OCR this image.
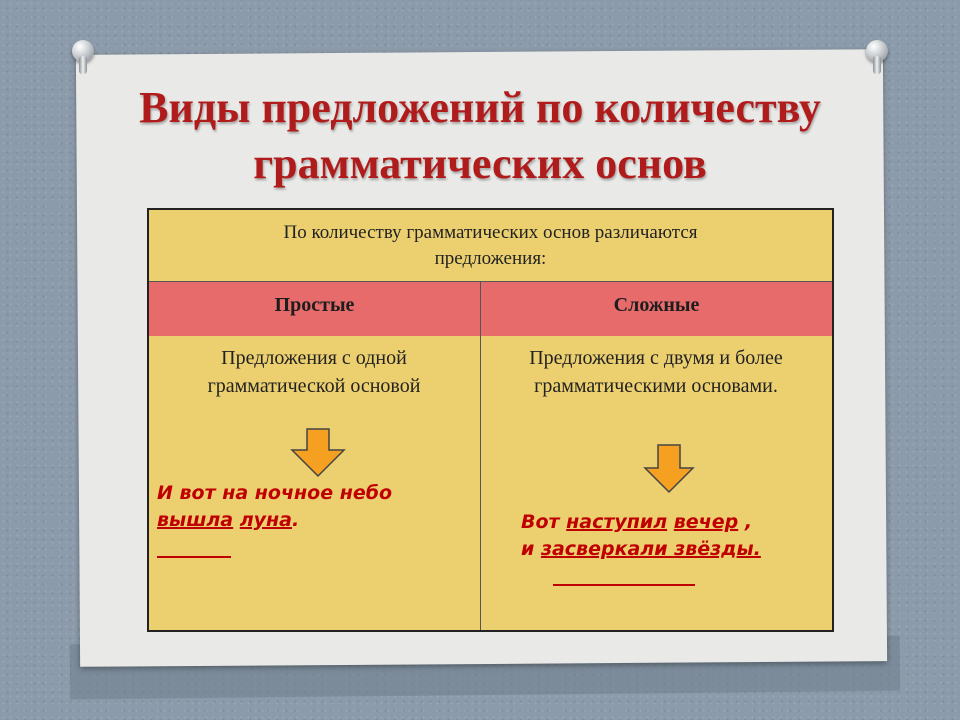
Виды предложений по количеству
грамматических основ
По количеству грамматических основ различаются предложения:
Простые	Сложные
Предложения с одной грамматической основой
Предложения с двумя и более грамматическими основами.
И вот на ночное небо
вышла луна.	Вот наступил вечер ,
и засверкали звёзды.
